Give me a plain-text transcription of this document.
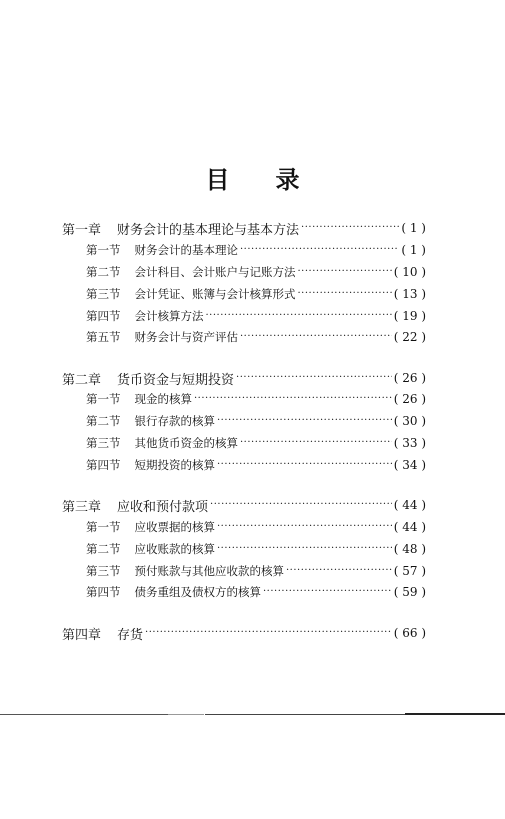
目 录
第一章 财务会计的基本理论与基本方法 ·····	( 1 )
第一节 财务会计的基本理论 ·····	( 1 )
第二节 会计科目、会计账户与记账方法 ·····	( 10 )
第三节 会计凭证、账簿与会计核算形式 ·····	( 13 )
第四节 会计核算方法 ·····	( 19 )
第五节 财务会计与资产评估 ·····	( 22 )
第二章 货币资金与短期投资 ·····	( 26 )
第一节 现金的核算 ·····	( 26 )
第二节 银行存款的核算 ·····	( 30 )
第三节 其他货币资金的核算 ·····	( 33 )
第四节 短期投资的核算 ·····	( 34 )
第三章 应收和预付款项 ·····	( 44 )
第一节 应收票据的核算 ·····	( 44 )
第二节 应收账款的核算 ·····	( 48 )
第三节 预付账款与其他应收款的核算 ·····	( 57 )
第四节 债务重组及债权方的核算 ·····	( 59 )
第四章 存货 ·····	( 66 )
